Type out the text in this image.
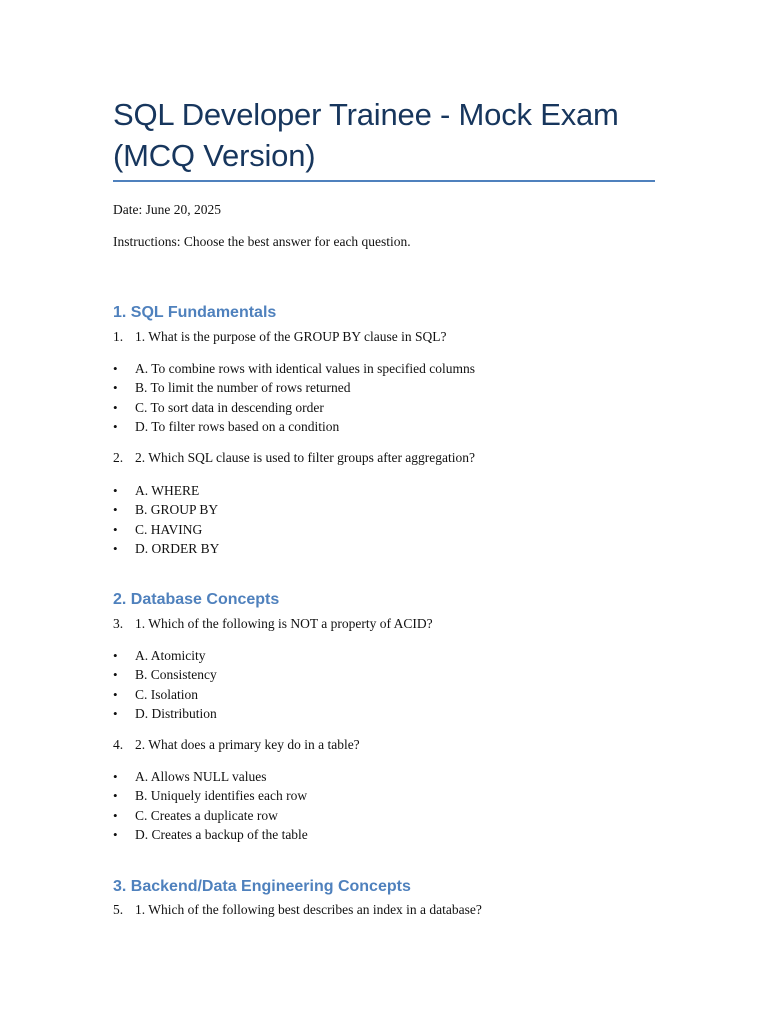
SQL Developer Trainee - Mock Exam (MCQ Version)

Date: June 20, 2025

Instructions: Choose the best answer for each question.

1. SQL Fundamentals

1. 1. What is the purpose of the GROUP BY clause in SQL?

•	A. To combine rows with identical values in specified columns
•	B. To limit the number of rows returned
•	C. To sort data in descending order
•	D. To filter rows based on a condition

2. 2. Which SQL clause is used to filter groups after aggregation?

•	A. WHERE
•	B. GROUP BY
•	C. HAVING
•	D. ORDER BY
2. Database Concepts

3. 1. Which of the following is NOT a property of ACID?

•	A. Atomicity
•	B. Consistency
•	C. Isolation
•	D. Distribution

4. 2. What does a primary key do in a table?

•	A. Allows NULL values
•	B. Uniquely identifies each row
•	C. Creates a duplicate row
•	D. Creates a backup of the table
3. Backend/Data Engineering Concepts

5. 1. Which of the following best describes an index in a database?
